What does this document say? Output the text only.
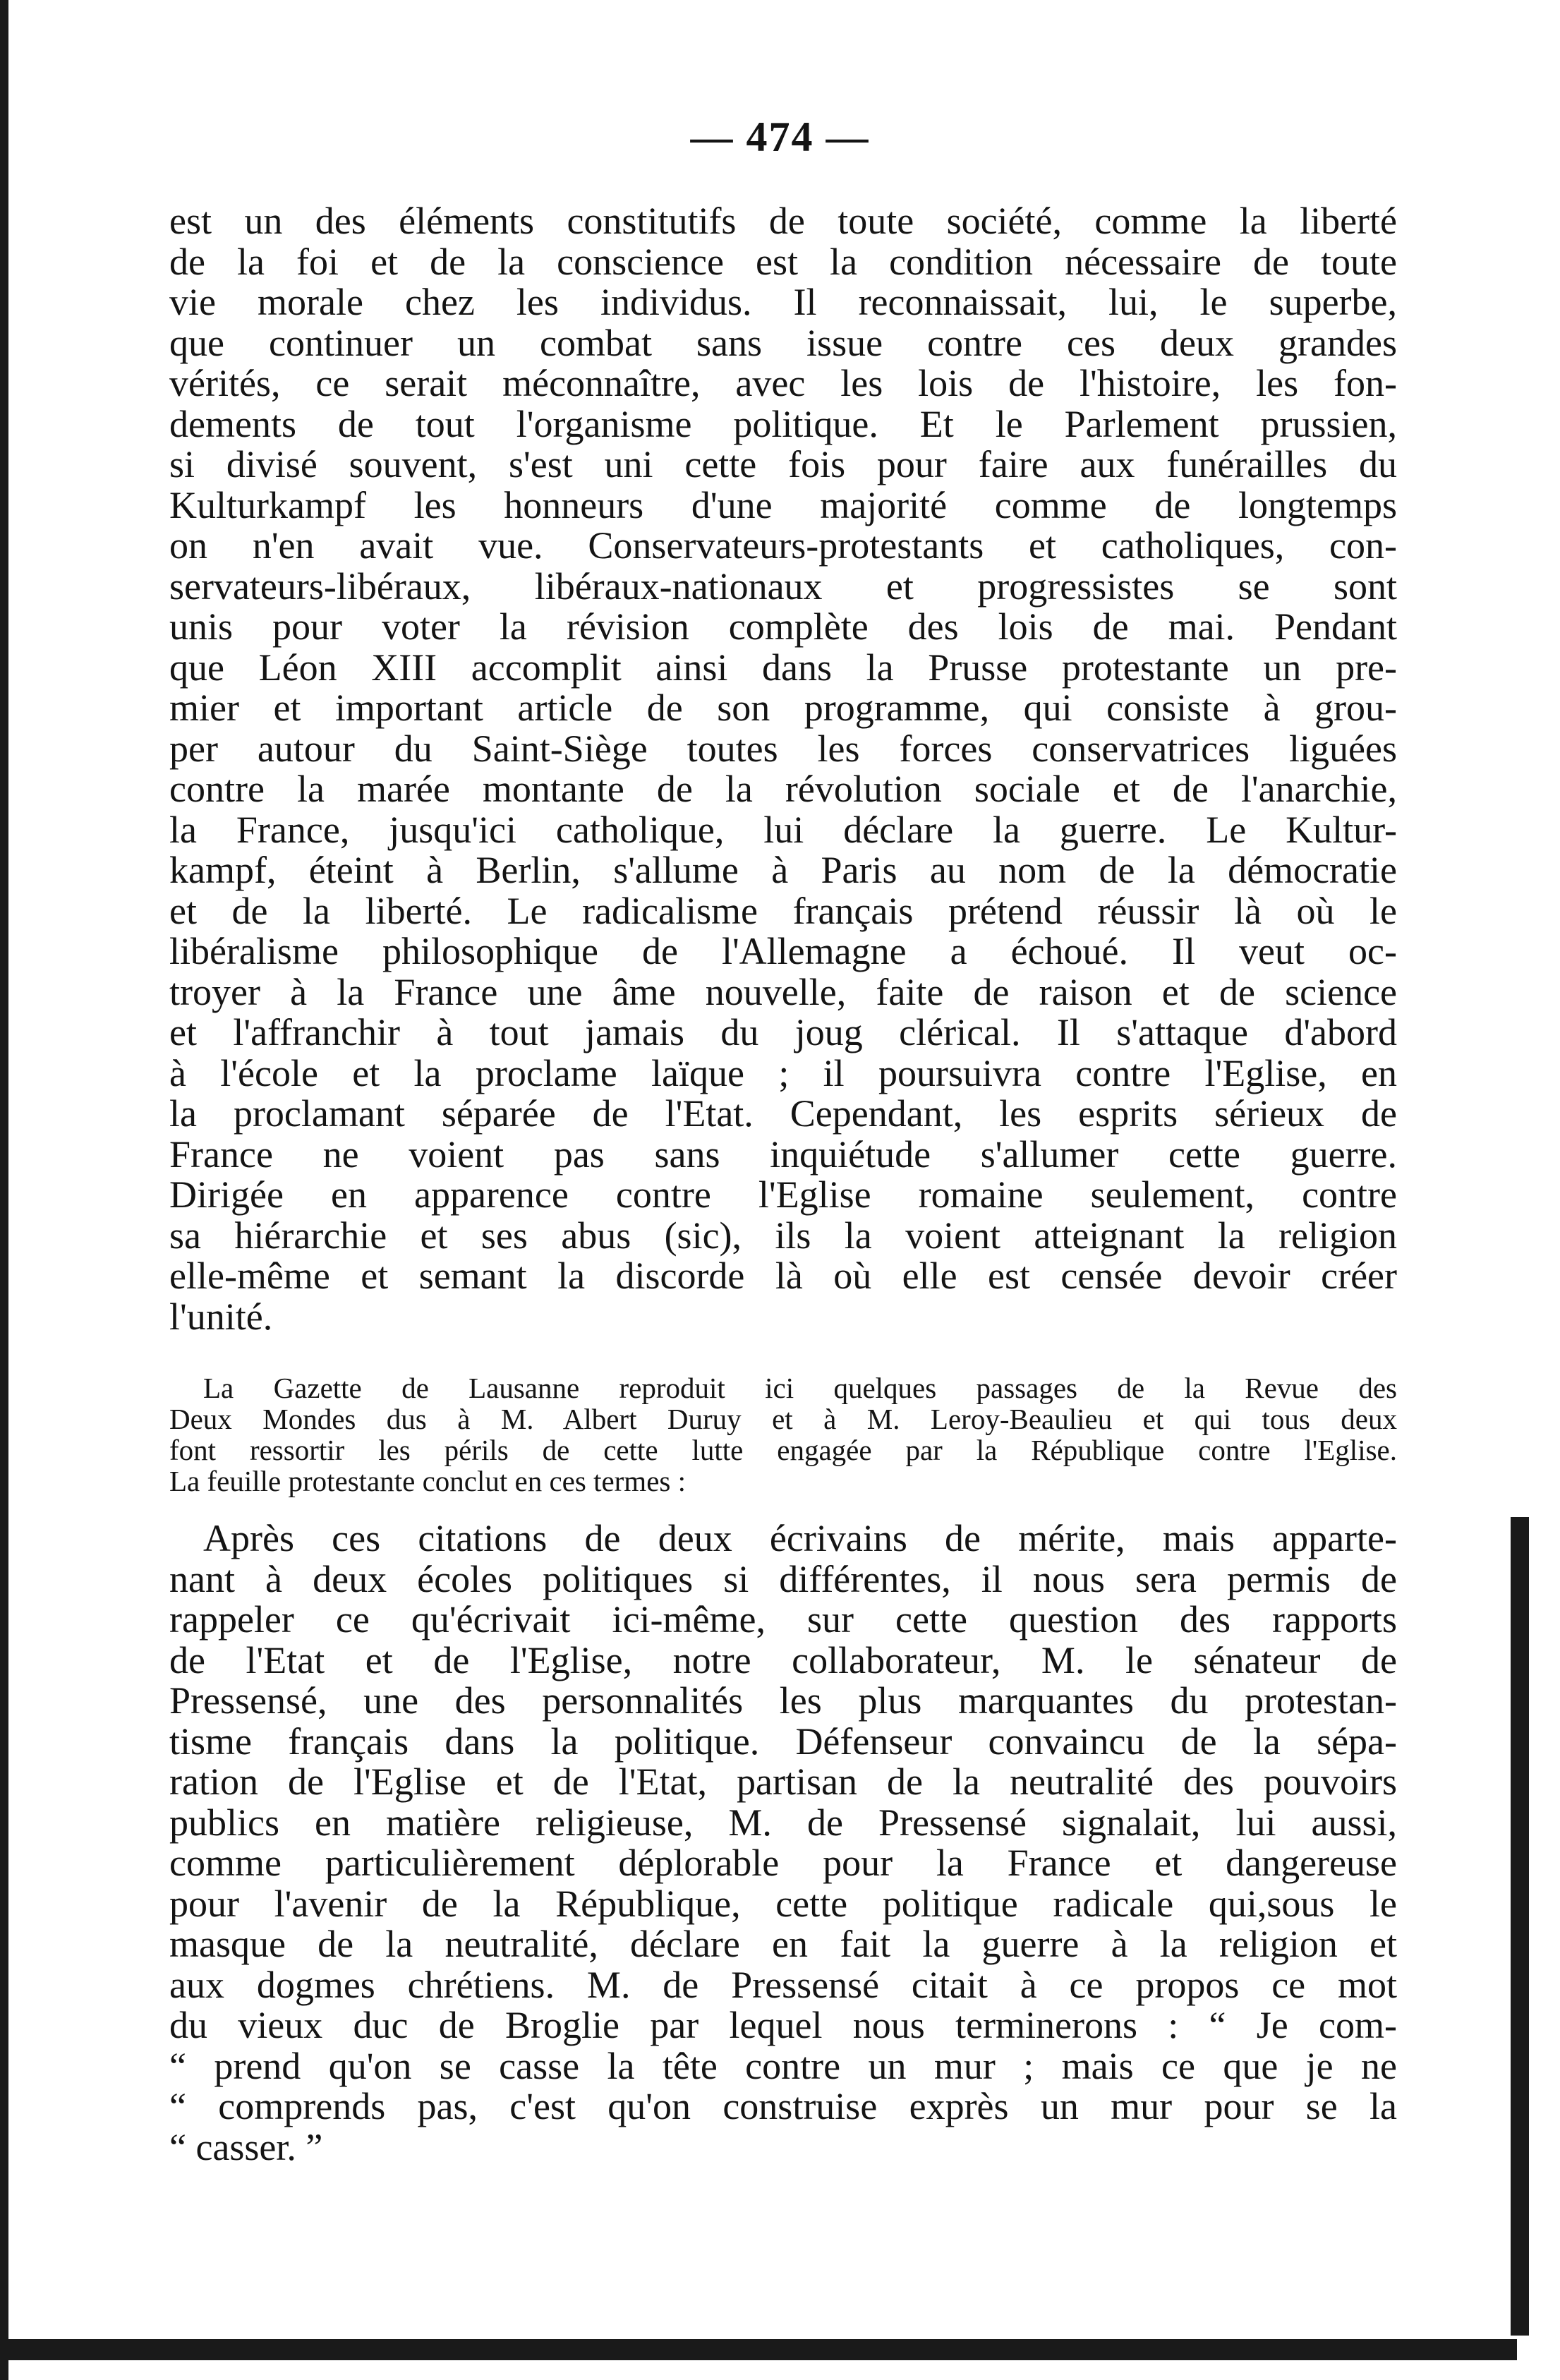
— 474 —
est un des éléments constitutifs de toute société, comme la liberté
de la foi et de la conscience est la condition nécessaire de toute
vie morale chez les individus. Il reconnaissait, lui, le superbe,
que continuer un combat sans issue contre ces deux grandes
vérités, ce serait méconnaître, avec les lois de l'histoire, les fon-
dements de tout l'organisme politique. Et le Parlement prussien,
si divisé souvent, s'est uni cette fois pour faire aux funérailles du
Kulturkampf les honneurs d'une majorité comme de longtemps
on n'en avait vue. Conservateurs-protestants et catholiques, con-
servateurs-libéraux, libéraux-nationaux et progressistes se sont
unis pour voter la révision complète des lois de mai. Pendant
que Léon XIII accomplit ainsi dans la Prusse protestante un pre-
mier et important article de son programme, qui consiste à grou-
per autour du Saint-Siège toutes les forces conservatrices liguées
contre la marée montante de la révolution sociale et de l'anarchie,
la France, jusqu'ici catholique, lui déclare la guerre. Le Kultur-
kampf, éteint à Berlin, s'allume à Paris au nom de la démocratie
et de la liberté. Le radicalisme français prétend réussir là où le
libéralisme philosophique de l'Allemagne a échoué. Il veut oc-
troyer à la France une âme nouvelle, faite de raison et de science
et l'affranchir à tout jamais du joug clérical. Il s'attaque d'abord
à l'école et la proclame laïque ; il poursuivra contre l'Eglise, en
la proclamant séparée de l'Etat. Cependant, les esprits sérieux de
France ne voient pas sans inquiétude s'allumer cette guerre.
Dirigée en apparence contre l'Eglise romaine seulement, contre
sa hiérarchie et ses abus (sic), ils la voient atteignant la religion
elle-même et semant la discorde là où elle est censée devoir créer
l'unité.
La Gazette de Lausanne reproduit ici quelques passages de la Revue des
Deux Mondes dus à M. Albert Duruy et à M. Leroy-Beaulieu et qui tous deux
font ressortir les périls de cette lutte engagée par la République contre l'Eglise.
La feuille protestante conclut en ces termes :
Après ces citations de deux écrivains de mérite, mais apparte-
nant à deux écoles politiques si différentes, il nous sera permis de
rappeler ce qu'écrivait ici-même, sur cette question des rapports
de l'Etat et de l'Eglise, notre collaborateur, M. le sénateur de
Pressensé, une des personnalités les plus marquantes du protestan-
tisme français dans la politique. Défenseur convaincu de la sépa-
ration de l'Eglise et de l'Etat, partisan de la neutralité des pouvoirs
publics en matière religieuse, M. de Pressensé signalait, lui aussi,
comme particulièrement déplorable pour la France et dangereuse
pour l'avenir de la République, cette politique radicale qui,sous le
masque de la neutralité, déclare en fait la guerre à la religion et
aux dogmes chrétiens. M. de Pressensé citait à ce propos ce mot
du vieux duc de Broglie par lequel nous terminerons : “ Je com-
“ prend qu'on se casse la tête contre un mur ; mais ce que je ne
“ comprends pas, c'est qu'on construise exprès un mur pour se la
“ casser. ”
